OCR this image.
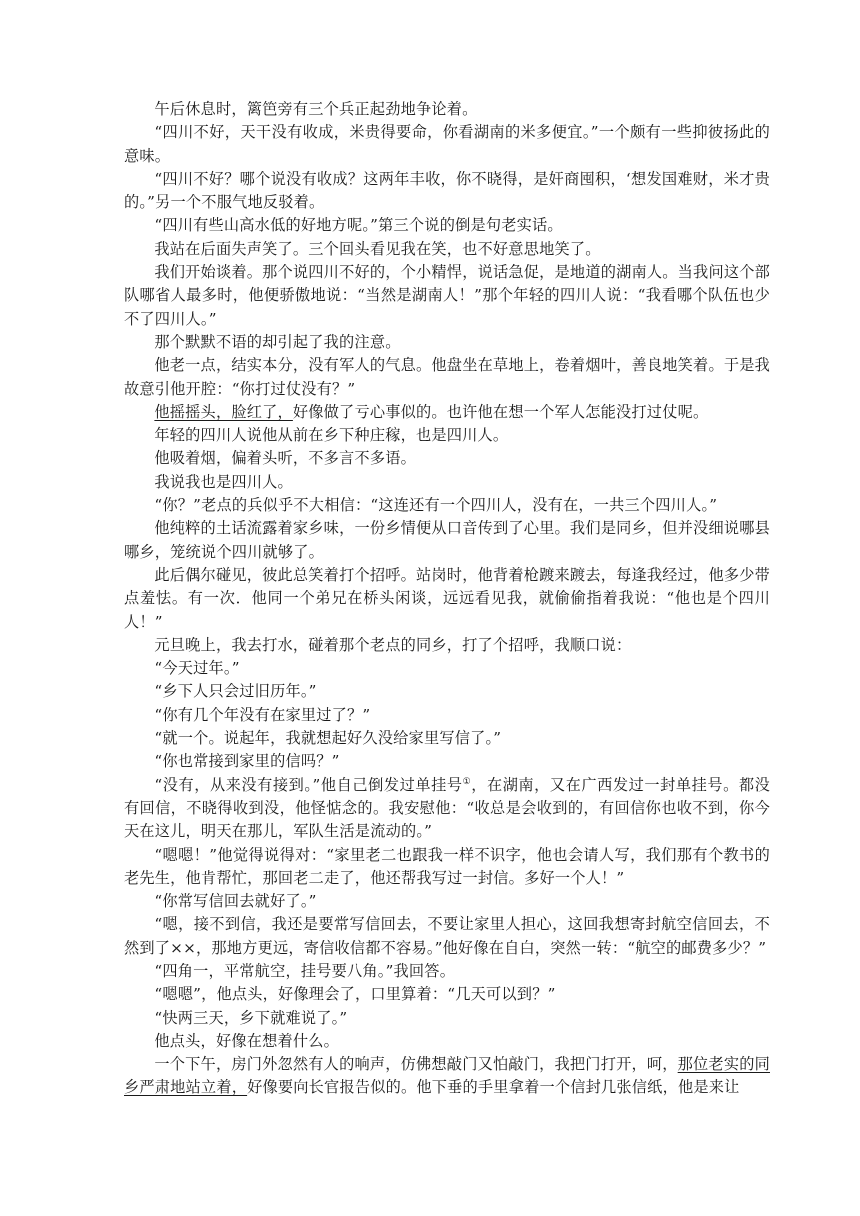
午后休息时，篱笆旁有三个兵正起劲地争论着。

“四川不好，天干没有收成，米贵得要命，你看湖南的米多便宜。”一个颇有一些抑彼扬此的意味。

“四川不好？哪个说没有收成？这两年丰收，你不晓得，是奸商囤积，‘想发国难财，米才贵的。”另一个不服气地反驳着。

“四川有些山高水低的好地方呢。”第三个说的倒是句老实话。

我站在后面失声笑了。三个回头看见我在笑，也不好意思地笑了。

我们开始谈着。那个说四川不好的，个小精悍，说话急促，是地道的湖南人。当我问这个部队哪省人最多时，他便骄傲地说：“当然是湖南人！”那个年轻的四川人说：“我看哪个队伍也少不了四川人。”

那个默默不语的却引起了我的注意。

他老一点，结实本分，没有军人的气息。他盘坐在草地上，卷着烟叶，善良地笑着。于是我故意引他开腔：“你打过仗没有？”

他摇摇头，脸红了，好像做了亏心事似的。也许他在想一个军人怎能没打过仗呢。

年轻的四川人说他从前在乡下种庄稼，也是四川人。

他吸着烟，偏着头听，不多言不多语。

我说我也是四川人。

“你？”老点的兵似乎不大相信：“这连还有一个四川人，没有在，一共三个四川人。”

他纯粹的土话流露着家乡味，一份乡情便从口音传到了心里。我们是同乡，但并没细说哪县哪乡，笼统说个四川就够了。

此后偶尔碰见，彼此总笑着打个招呼。站岗时，他背着枪踱来踱去，每逢我经过，他多少带点羞怯。有一次．他同一个弟兄在桥头闲谈，远远看见我，就偷偷指着我说：“他也是个四川人！”

元旦晚上，我去打水，碰着那个老点的同乡，打了个招呼，我顺口说：

“今天过年。”

“乡下人只会过旧历年。”

“你有几个年没有在家里过了？”

“就一个。说起年，我就想起好久没给家里写信了。”

“你也常接到家里的信吗？”

“没有，从来没有接到。”他自己倒发过单挂号①，在湖南，又在广西发过一封单挂号。都没有回信，不晓得收到没，他怪惦念的。我安慰他：“收总是会收到的，有回信你也收不到，你今天在这儿，明天在那儿，军队生活是流动的。”

“嗯嗯！”他觉得说得对：“家里老二也跟我一样不识字，他也会请人写，我们那有个教书的老先生，他肯帮忙，那回老二走了，他还帮我写过一封信。多好一个人！”

“你常写信回去就好了。”

“嗯，接不到信，我还是要常写信回去，不要让家里人担心，这回我想寄封航空信回去，不然到了××，那地方更远，寄信收信都不容易。”他好像在自白，突然一转：“航空的邮费多少？”

“四角一，平常航空，挂号要八角。”我回答。

“嗯嗯”，他点头，好像理会了，口里算着：“几天可以到？”

“快两三天，乡下就难说了。”

他点头，好像在想着什么。

一个下午，房门外忽然有人的响声，仿佛想敲门又怕敲门，我把门打开，呵，那位老实的同乡严肃地站立着，好像要向长官报告似的。他下垂的手里拿着一个信封几张信纸，他是来让
